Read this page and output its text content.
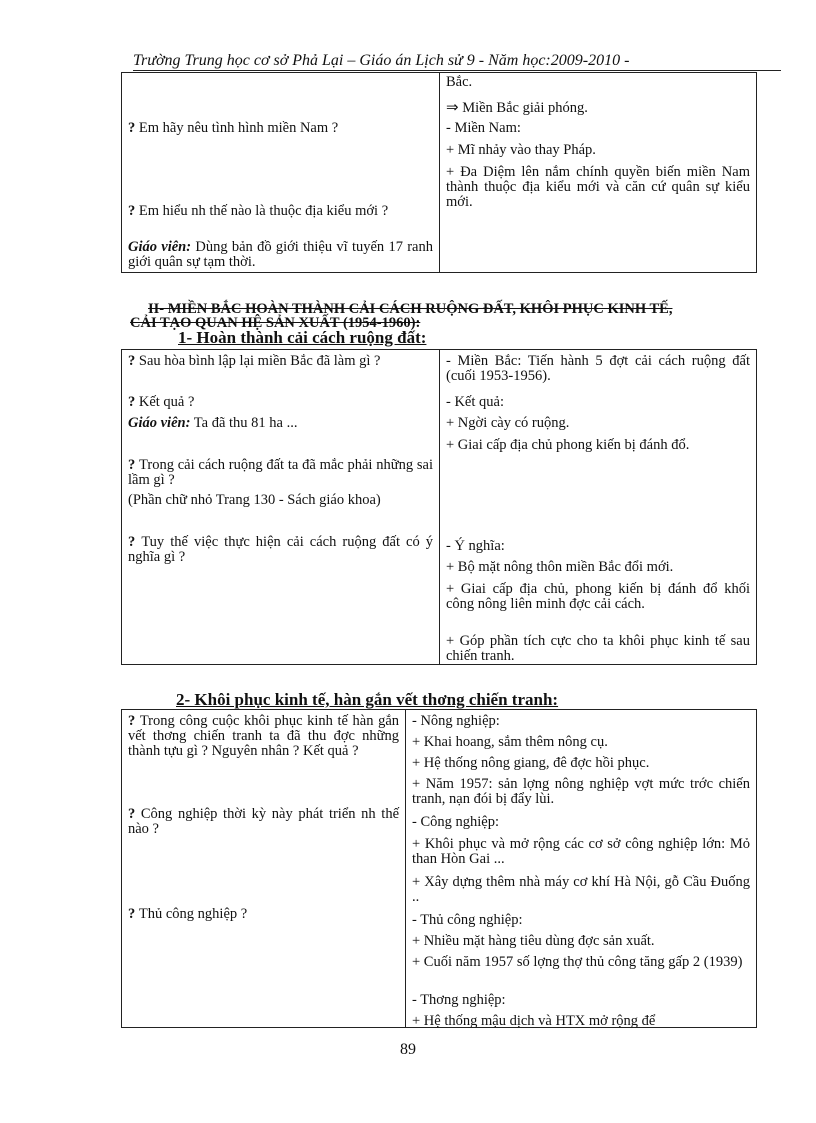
Trường Trung học cơ sở Phả Lại – Giáo án Lịch sử 9 - Năm học:2009-2010 -
? Em hãy nêu tình hình miền Nam ?
? Em hiểu nh thế nào là thuộc địa kiểu mới ?
Giáo viên: Dùng bản đồ giới thiệu vĩ tuyến 17 ranh giới quân sự tạm thời.
Bắc.
⇒ Miền Bắc giải phóng.
- Miền Nam:
+ Mĩ nhảy vào thay Pháp.
+ Đa Diệm lên nắm chính quyền biến miền Nam thành thuộc địa kiểu mới và căn cứ quân sự kiểu mới.
II- MIỀN BẮC HOÀN THÀNH CẢI CÁCH RUỘNG ĐẤT, KHÔI PHỤC KINH TẾ,
CẢI TẠO QUAN HỆ SẢN XUẤT (1954-1960):
1- Hoàn thành cải cách ruộng đất:
? Sau hòa bình lập lại miền Bắc đã làm gì ?
? Kết quả ?
Giáo viên: Ta đã thu 81 ha ...
? Trong cải cách ruộng đất ta đã mắc phải những sai lầm gì ?
(Phần chữ nhỏ Trang 130 - Sách giáo khoa)
? Tuy thế việc thực hiện cải cách ruộng đất có ý nghĩa gì ?
- Miền Bắc: Tiến hành 5 đợt cải cách ruộng đất (cuối 1953-1956).
- Kết quả:
+ Ngời cày có ruộng.
+ Giai cấp địa chủ phong kiến bị đánh đổ.
- Ý nghĩa:
+ Bộ mặt nông thôn miền Bắc đổi mới.
+ Giai cấp địa chủ, phong kiến bị đánh đổ khối công nông liên minh đợc cải cách.
+ Góp phần tích cực cho ta khôi phục kinh tế sau chiến tranh.
2- Khôi phục kinh tế, hàn gắn vết thơng chiến tranh:
? Trong công cuộc khôi phục kinh tế hàn gắn vết thơng chiến tranh ta đã thu đợc những thành tựu gì ? Nguyên nhân ? Kết quả ?
? Công nghiệp thời kỳ này phát triển nh thế nào ?
? Thủ công nghiệp ?
- Nông nghiệp:
+ Khai hoang, sắm thêm nông cụ.
+ Hệ thống nông giang, đê đợc hồi phục.
+ Năm 1957: sản lợng nông nghiệp vợt mức trớc chiến tranh, nạn đói bị đẩy lùi.
- Công nghiệp:
+ Khôi phục và mở rộng các cơ sở công nghiệp lớn: Mỏ than Hòn Gai ...
+ Xây dựng thêm nhà máy cơ khí Hà Nội, gỗ Cầu Đuống ..
- Thủ công nghiệp:
+ Nhiều mặt hàng tiêu dùng đợc sản xuất.
+ Cuối năm 1957 số lợng thợ thủ công tăng gấp 2 (1939)
- Thơng nghiệp:
+ Hệ thống mậu dịch và HTX mở rộng để
89
